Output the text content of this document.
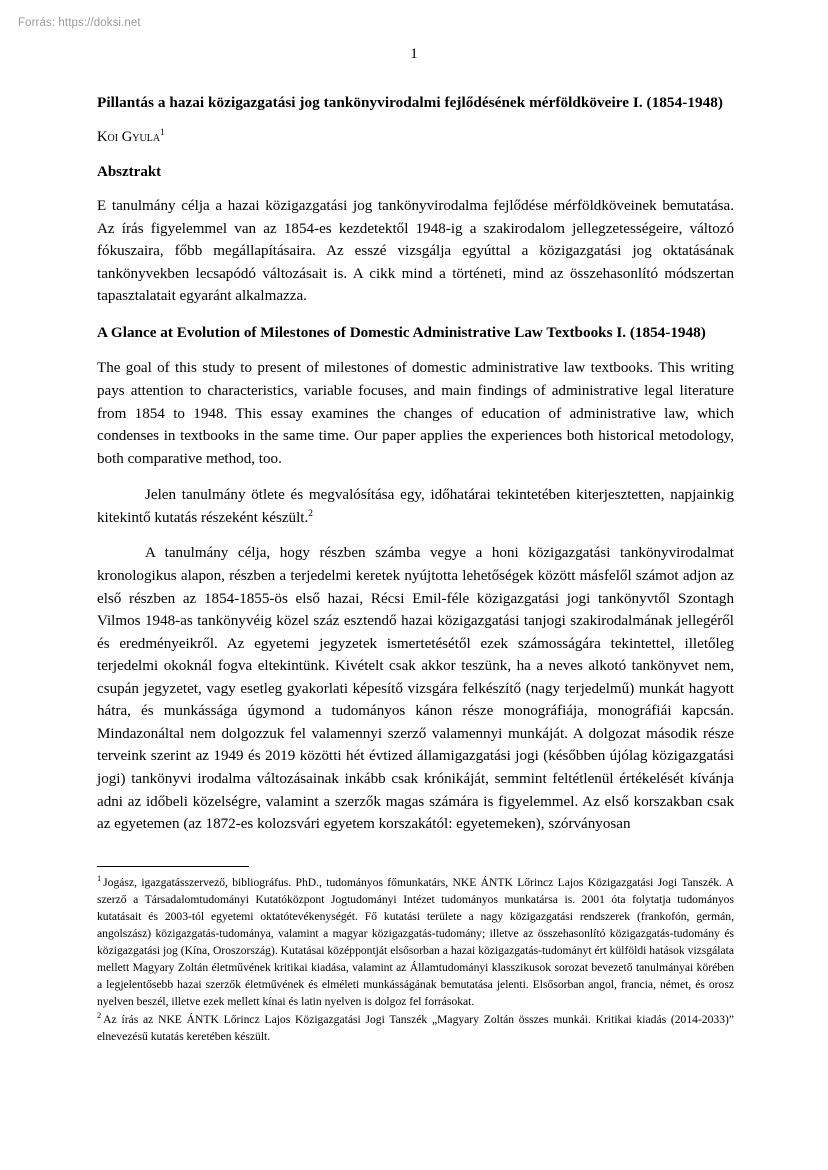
Forrás: https://doksi.net
1
Pillantás a hazai közigazgatási jog tankönyvirodalmi fejlődésének mérföldköveire I. (1854-1948)
Koi Gyula$^1$
Absztrakt

E tanulmány célja a hazai közigazgatási jog tankönyvirodalma fejlődése mérföldköveinek bemutatása. Az írás figyelemmel van az 1854-es kezdetektől 1948-ig a szakirodalom jellegzetességeire, változó fókuszaira, főbb megállapításaira. Az esszé vizsgálja egyúttal a közigazgatási jog oktatásának tankönyvekben lecsapódó változásait is. A cikk mind a történeti, mind az összehasonlító módszertan tapasztalatait egyaránt alkalmazza.

A Glance at Evolution of Milestones of Domestic Administrative Law Textbooks I. (1854-1948)

The goal of this study to present of milestones of domestic administrative law textbooks. This writing pays attention to characteristics, variable focuses, and main findings of administrative legal literature from 1854 to 1948. This essay examines the changes of education of administrative law, which condenses in textbooks in the same time. Our paper applies the experiences both historical metodology, both comparative method, too.

Jelen tanulmány ötlete és megvalósítása egy, időhatárai tekintetében kiterjesztetten, napjainkig kitekintő kutatás részeként készült.$^2$

A tanulmány célja, hogy részben számba vegye a honi közigazgatási tankönyvirodalmat kronologikus alapon, részben a terjedelmi keretek nyújtotta lehetőségek között másfelől számot adjon az első részben az 1854-1855-ös első hazai, Récsi Emil-féle közigazgatási jogi tankönyvtől Szontagh Vilmos 1948-as tankönyvéig közel száz esztendő hazai közigazgatási tanjogi szakirodalmának jellegéről és eredményeikről. Az egyetemi jegyzetek ismertetésétől ezek számosságára tekintettel, illetőleg terjedelmi okoknál fogva eltekintünk. Kivételt csak akkor teszünk, ha a neves alkotó tankönyvet nem, csupán jegyzetet, vagy esetleg gyakorlati képesítő vizsgára felkészítő (nagy terjedelmű) munkát hagyott hátra, és munkássága úgymond a tudományos kánon része monográfiája, monográfiái kapcsán. Mindazonáltal nem dolgozzuk fel valamennyi szerző valamennyi munkáját. A dolgozat második része terveink szerint az 1949 és 2019 közötti hét évtized államigazgatási jogi (későbben újólag közigazgatási jogi) tankönyvi irodalma változásainak inkább csak krónikáját, semmint feltétlenül értékelését kívánja adni az időbeli közelségre, valamint a szerzők magas számára is figyelemmel. Az első korszakban csak az egyetemen (az 1872-es kolozsvári egyetem korszakától: egyetemeken), szórványosan

$^1$ Jogász, igazgatásszervező, bibliográfus. PhD., tudományos főmunkatárs, NKE ÁNTK Lőrincz Lajos Közigazgatási Jogi Tanszék. A szerző a Társadalomtudományi Kutatóközpont Jogtudományi Intézet tudományos munkatársa is. 2001 óta folytatja tudományos kutatásait és 2003-tól egyetemi oktatótevékenységét. Fő kutatási területe a nagy közigazgatási rendszerek (frankofón, germán, angolszász) közigazgatás-tudománya, valamint a magyar közigazgatás-tudomány; illetve az összehasonlító közigazgatás-tudomány és közigazgatási jog (Kína, Oroszország). Kutatásai középpontját elsősorban a hazai közigazgatás-tudományt ért külföldi hatások vizsgálata mellett Magyary Zoltán életművének kritikai kiadása, valamint az Államtudományi klasszikusok sorozat bevezető tanulmányai körében a legjelentősebb hazai szerzők életművének és elméleti munkásságának bemutatása jelenti. Elsősorban angol, francia, német, és orosz nyelven beszél, illetve ezek mellett kínai és latin nyelven is dolgoz fel forrásokat.

$^2$ Az írás az NKE ÁNTK Lőrincz Lajos Közigazgatási Jogi Tanszék „Magyary Zoltán összes munkái. Kritikai kiadás (2014-2033)” elnevezésű kutatás keretében készült.
